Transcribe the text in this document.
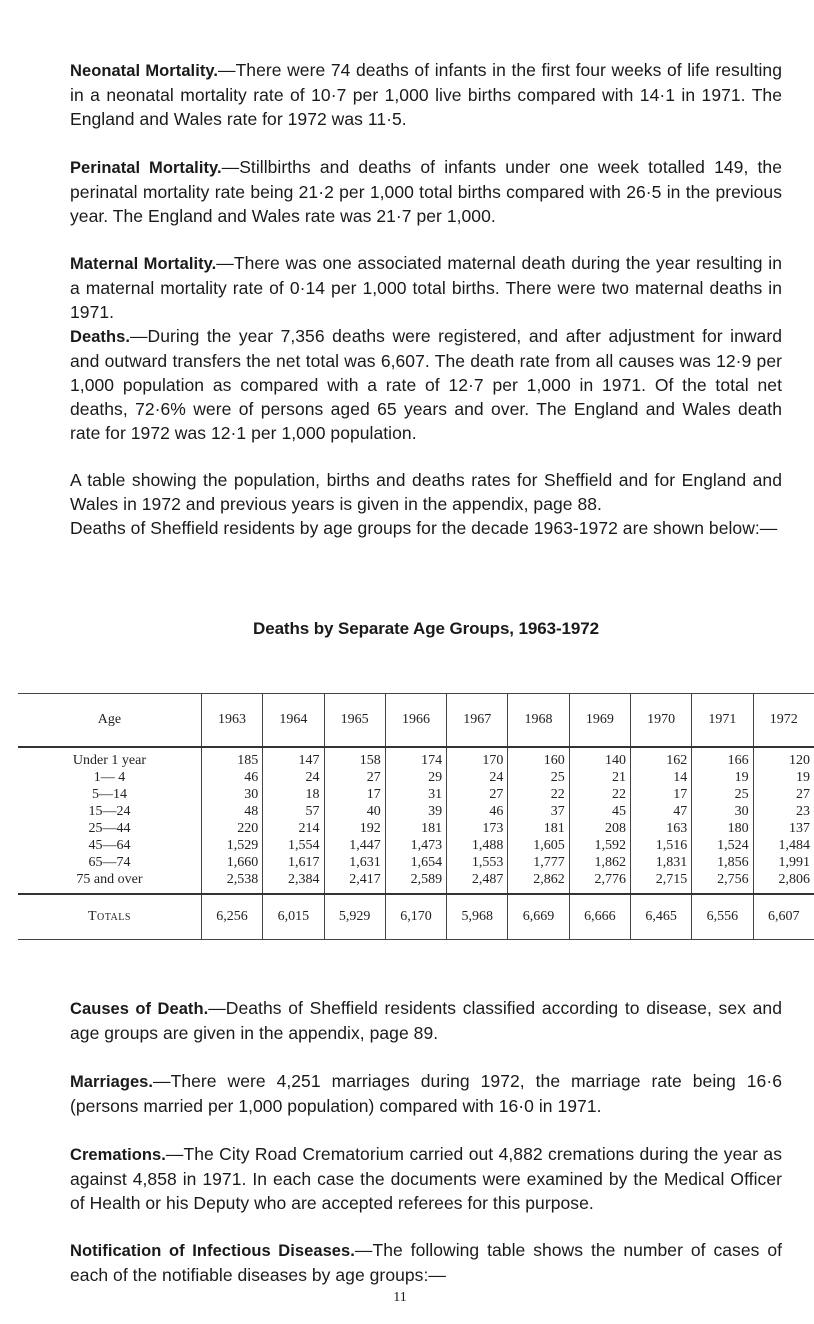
Neonatal Mortality.—There were 74 deaths of infants in the first four weeks of life resulting in a neonatal mortality rate of 10·7 per 1,000 live births compared with 14·1 in 1971. The England and Wales rate for 1972 was 11·5.

Perinatal Mortality.—Stillbirths and deaths of infants under one week totalled 149, the perinatal mortality rate being 21·2 per 1,000 total births compared with 26·5 in the previous year. The England and Wales rate was 21·7 per 1,000.

Maternal Mortality.—There was one associated maternal death during the year resulting in a maternal mortality rate of 0·14 per 1,000 total births. There were two maternal deaths in 1971.

Deaths.—During the year 7,356 deaths were registered, and after adjustment for inward and outward transfers the net total was 6,607. The death rate from all causes was 12·9 per 1,000 population as compared with a rate of 12·7 per 1,000 in 1971. Of the total net deaths, 72·6% were of persons aged 65 years and over. The England and Wales death rate for 1972 was 12·1 per 1,000 population.

A table showing the population, births and deaths rates for Sheffield and for England and Wales in 1972 and previous years is given in the appendix, page 88.

Deaths of Sheffield residents by age groups for the decade 1963-1972 are shown below:—

Deaths by Separate Age Groups, 1963-1972
Age	1963	1964	1965	1966	1967	1968	1969	1970	1971	1972
Under 1 year	185	147	158	174	170	160	140	162	166	120
1— 4	46	24	27	29	24	25	21	14	19	19
5—14	30	18	17	31	27	22	22	17	25	27
15—24	48	57	40	39	46	37	45	47	30	23
25—44	220	214	192	181	173	181	208	163	180	137
45—64	1,529	1,554	1,447	1,473	1,488	1,605	1,592	1,516	1,524	1,484
65—74	1,660	1,617	1,631	1,654	1,553	1,777	1,862	1,831	1,856	1,991
75 and over	2,538	2,384	2,417	2,589	2,487	2,862	2,776	2,715	2,756	2,806
Totals	6,256	6,015	5,929	6,170	5,968	6,669	6,666	6,465	6,556	6,607

Causes of Death.—Deaths of Sheffield residents classified according to disease, sex and age groups are given in the appendix, page 89.

Marriages.—There were 4,251 marriages during 1972, the marriage rate being 16·6 (persons married per 1,000 population) compared with 16·0 in 1971.

Cremations.—The City Road Crematorium carried out 4,882 cremations during the year as against 4,858 in 1971. In each case the documents were examined by the Medical Officer of Health or his Deputy who are accepted referees for this purpose.

Notification of Infectious Diseases.—The following table shows the number of cases of each of the notifiable diseases by age groups:—

11
